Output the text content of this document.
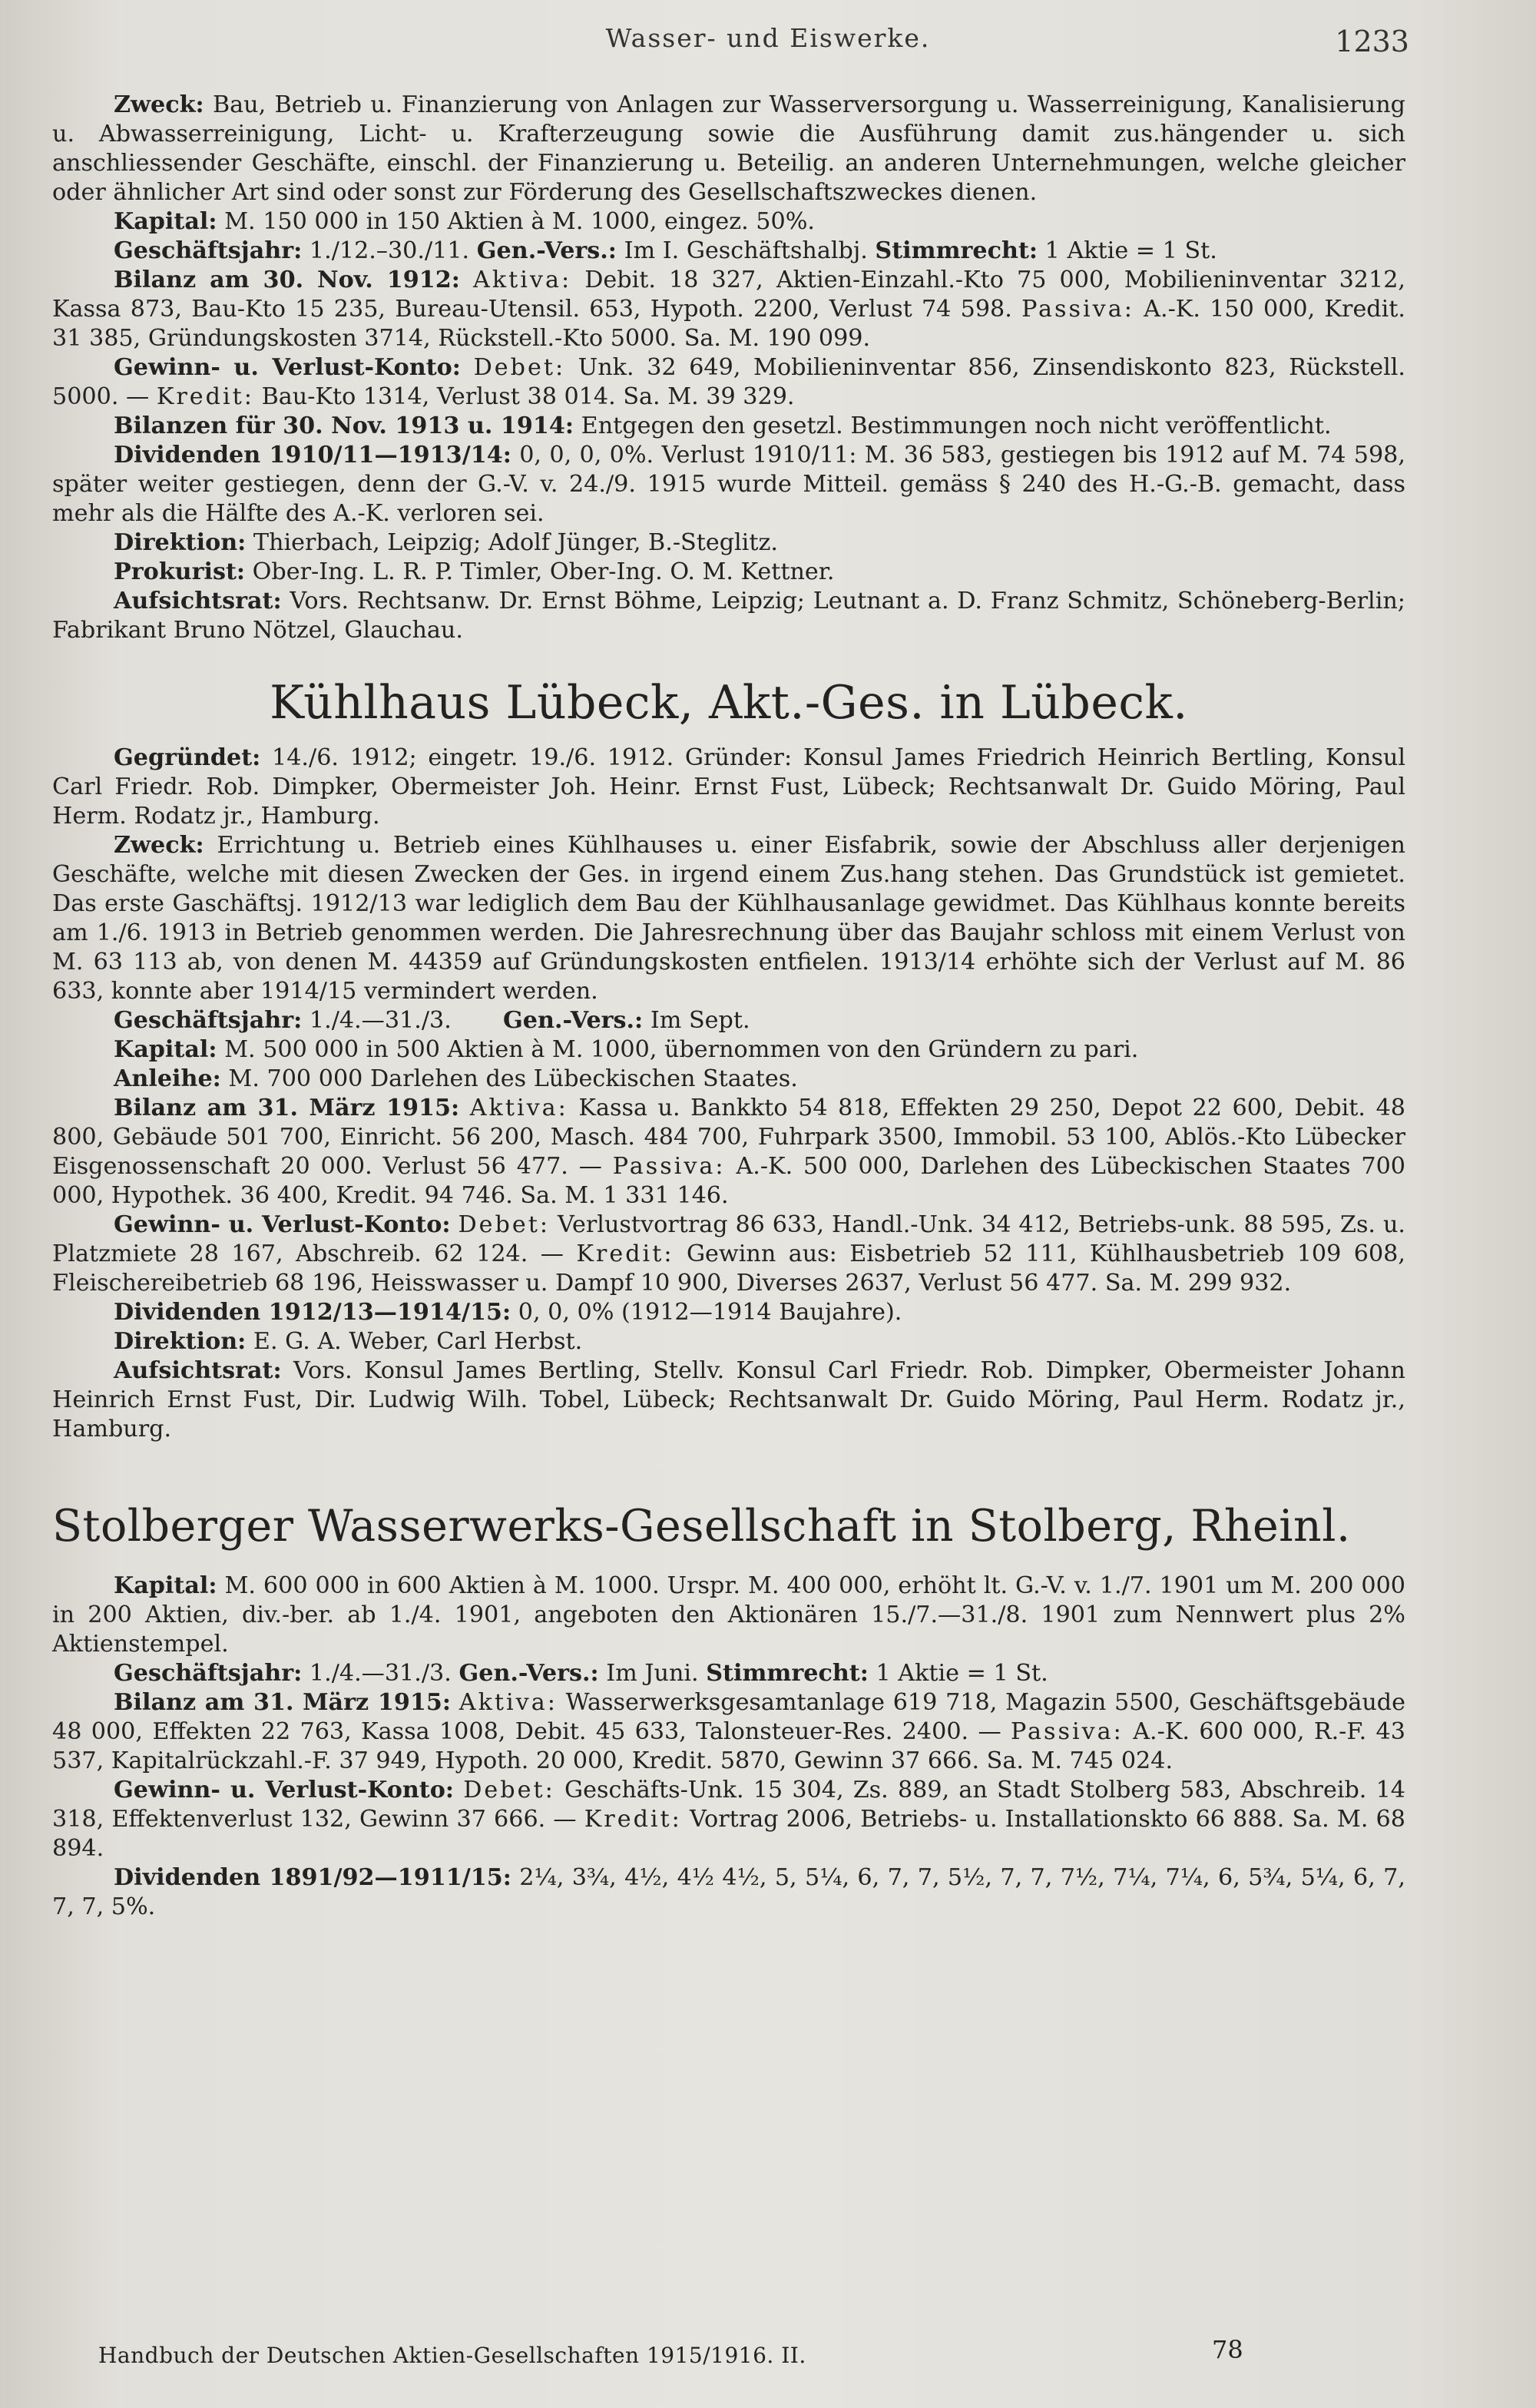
Wasser- und Eiswerke.	1233

Zweck: Bau, Betrieb u. Finanzierung von Anlagen zur Wasserversorgung u. Wasserreinigung, Kanalisierung u. Abwasserreinigung, Licht- u. Krafterzeugung sowie die Ausführung damit zus.hängender u. sich anschliessender Geschäfte, einschl. der Finanzierung u. Beteilig. an anderen Unternehmungen, welche gleicher oder ähnlicher Art sind oder sonst zur Förderung des Gesellschaftszweckes dienen.

Kapital: M. 150 000 in 150 Aktien à M. 1000, eingez. 50%.

Geschäftsjahr: 1./12.–30./11. Gen.-Vers.: Im I. Geschäftshalbj. Stimmrecht: 1 Aktie = 1 St.

Bilanz am 30. Nov. 1912: Aktiva: Debit. 18 327, Aktien-Einzahl.-Kto 75 000, Mobilieninventar 3212, Kassa 873, Bau-Kto 15 235, Bureau-Utensil. 653, Hypoth. 2200, Verlust 74 598. Passiva: A.-K. 150 000, Kredit. 31 385, Gründungskosten 3714, Rückstell.-Kto 5000. Sa. M. 190 099.

Gewinn- u. Verlust-Konto: Debet: Unk. 32 649, Mobilieninventar 856, Zinsendiskonto 823, Rückstell. 5000. — Kredit: Bau-Kto 1314, Verlust 38 014. Sa. M. 39 329.

Bilanzen für 30. Nov. 1913 u. 1914: Entgegen den gesetzl. Bestimmungen noch nicht veröffentlicht.

Dividenden 1910/11—1913/14: 0, 0, 0, 0%. Verlust 1910/11: M. 36 583, gestiegen bis 1912 auf M. 74 598, später weiter gestiegen, denn der G.-V. v. 24./9. 1915 wurde Mitteil. gemäss § 240 des H.-G.-B. gemacht, dass mehr als die Hälfte des A.-K. verloren sei.

Direktion: Thierbach, Leipzig; Adolf Jünger, B.-Steglitz.

Prokurist: Ober-Ing. L. R. P. Timler, Ober-Ing. O. M. Kettner.

Aufsichtsrat: Vors. Rechtsanw. Dr. Ernst Böhme, Leipzig; Leutnant a. D. Franz Schmitz, Schöneberg-Berlin; Fabrikant Bruno Nötzel, Glauchau.

Kühlhaus Lübeck, Akt.-Ges. in Lübeck.

Gegründet: 14./6. 1912; eingetr. 19./6. 1912. Gründer: Konsul James Friedrich Heinrich Bertling, Konsul Carl Friedr. Rob. Dimpker, Obermeister Joh. Heinr. Ernst Fust, Lübeck; Rechtsanwalt Dr. Guido Möring, Paul Herm. Rodatz jr., Hamburg.

Zweck: Errichtung u. Betrieb eines Kühlhauses u. einer Eisfabrik, sowie der Abschluss aller derjenigen Geschäfte, welche mit diesen Zwecken der Ges. in irgend einem Zus.hang stehen. Das Grundstück ist gemietet. Das erste Gaschäftsj. 1912/13 war lediglich dem Bau der Kühlhausanlage gewidmet. Das Kühlhaus konnte bereits am 1./6. 1913 in Betrieb genommen werden. Die Jahresrechnung über das Baujahr schloss mit einem Verlust von M. 63 113 ab, von denen M. 44359 auf Gründungskosten entfielen. 1913/14 erhöhte sich der Verlust auf M. 86 633, konnte aber 1914/15 vermindert werden.

Geschäftsjahr: 1./4.—31./3. Gen.-Vers.: Im Sept.

Kapital: M. 500 000 in 500 Aktien à M. 1000, übernommen von den Gründern zu pari.

Anleihe: M. 700 000 Darlehen des Lübeckischen Staates.

Bilanz am 31. März 1915: Aktiva: Kassa u. Bankkto 54 818, Effekten 29 250, Depot 22 600, Debit. 48 800, Gebäude 501 700, Einricht. 56 200, Masch. 484 700, Fuhrpark 3500, Immobil. 53 100, Ablös.-Kto Lübecker Eisgenossenschaft 20 000. Verlust 56 477. — Passiva: A.-K. 500 000, Darlehen des Lübeckischen Staates 700 000, Hypothek. 36 400, Kredit. 94 746. Sa. M. 1 331 146.

Gewinn- u. Verlust-Konto: Debet: Verlustvortrag 86 633, Handl.-Unk. 34 412, Betriebs-unk. 88 595, Zs. u. Platzmiete 28 167, Abschreib. 62 124. — Kredit: Gewinn aus: Eisbetrieb 52 111, Kühlhausbetrieb 109 608, Fleischereibetrieb 68 196, Heisswasser u. Dampf 10 900, Diverses 2637, Verlust 56 477. Sa. M. 299 932.

Dividenden 1912/13—1914/15: 0, 0, 0% (1912—1914 Baujahre).

Direktion: E. G. A. Weber, Carl Herbst.

Aufsichtsrat: Vors. Konsul James Bertling, Stellv. Konsul Carl Friedr. Rob. Dimpker, Obermeister Johann Heinrich Ernst Fust, Dir. Ludwig Wilh. Tobel, Lübeck; Rechtsanwalt Dr. Guido Möring, Paul Herm. Rodatz jr., Hamburg.

Stolberger Wasserwerks-Gesellschaft in Stolberg, Rheinl.

Kapital: M. 600 000 in 600 Aktien à M. 1000. Urspr. M. 400 000, erhöht lt. G.-V. v. 1./7. 1901 um M. 200 000 in 200 Aktien, div.-ber. ab 1./4. 1901, angeboten den Aktionären 15./7.—31./8. 1901 zum Nennwert plus 2% Aktienstempel.

Geschäftsjahr: 1./4.—31./3. Gen.-Vers.: Im Juni. Stimmrecht: 1 Aktie = 1 St.

Bilanz am 31. März 1915: Aktiva: Wasserwerksgesamtanlage 619 718, Magazin 5500, Geschäftsgebäude 48 000, Effekten 22 763, Kassa 1008, Debit. 45 633, Talonsteuer-Res. 2400. — Passiva: A.-K. 600 000, R.-F. 43 537, Kapitalrückzahl.-F. 37 949, Hypoth. 20 000, Kredit. 5870, Gewinn 37 666. Sa. M. 745 024.

Gewinn- u. Verlust-Konto: Debet: Geschäfts-Unk. 15 304, Zs. 889, an Stadt Stolberg 583, Abschreib. 14 318, Effektenverlust 132, Gewinn 37 666. — Kredit: Vortrag 2006, Betriebs- u. Installationskto 66 888. Sa. M. 68 894.

Dividenden 1891/92—1911/15: 2¼, 3¾, 4½, 4½ 4½, 5, 5¼, 6, 7, 7, 5½, 7, 7, 7½, 7¼, 7¼, 6, 5¾, 5¼, 6, 7, 7, 7, 5%.

Handbuch der Deutschen Aktien-Gesellschaften 1915/1916. II.	78
